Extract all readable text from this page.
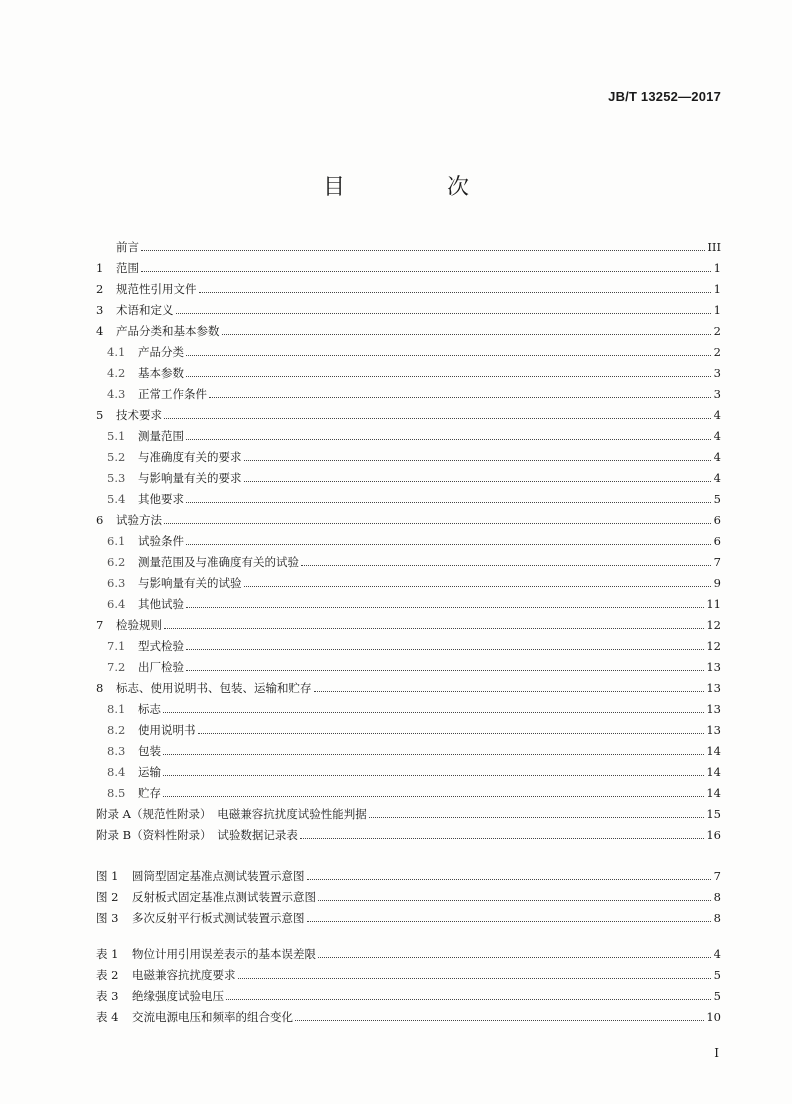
JB/T 13252—2017
目　次
前言	III
1	范围	1
2	规范性引用文件	1
3	术语和定义	1
4	产品分类和基本参数	2
4.1	产品分类	2
4.2	基本参数	3
4.3	正常工作条件	3
5	技术要求	4
5.1	测量范围	4
5.2	与准确度有关的要求	4
5.3	与影响量有关的要求	4
5.4	其他要求	5
6	试验方法	6
6.1	试验条件	6
6.2	测量范围及与准确度有关的试验	7
6.3	与影响量有关的试验	9
6.4	其他试验	11
7	检验规则	12
7.1	型式检验	12
7.2	出厂检验	13
8	标志、使用说明书、包装、运输和贮存	13
8.1	标志	13
8.2	使用说明书	13
8.3	包装	14
8.4	运输	14
8.5	贮存	14
附录 A（规范性附录）　电磁兼容抗扰度试验性能判据	15
附录 B（资料性附录）　试验数据记录表	16
图 1	圆筒型固定基准点测试装置示意图	7
图 2	反射板式固定基准点测试装置示意图	8
图 3	多次反射平行板式测试装置示意图	8
表 1	物位计用引用误差表示的基本误差限	4
表 2	电磁兼容抗扰度要求	5
表 3	绝缘强度试验电压	5
表 4	交流电源电压和频率的组合变化	10
I
